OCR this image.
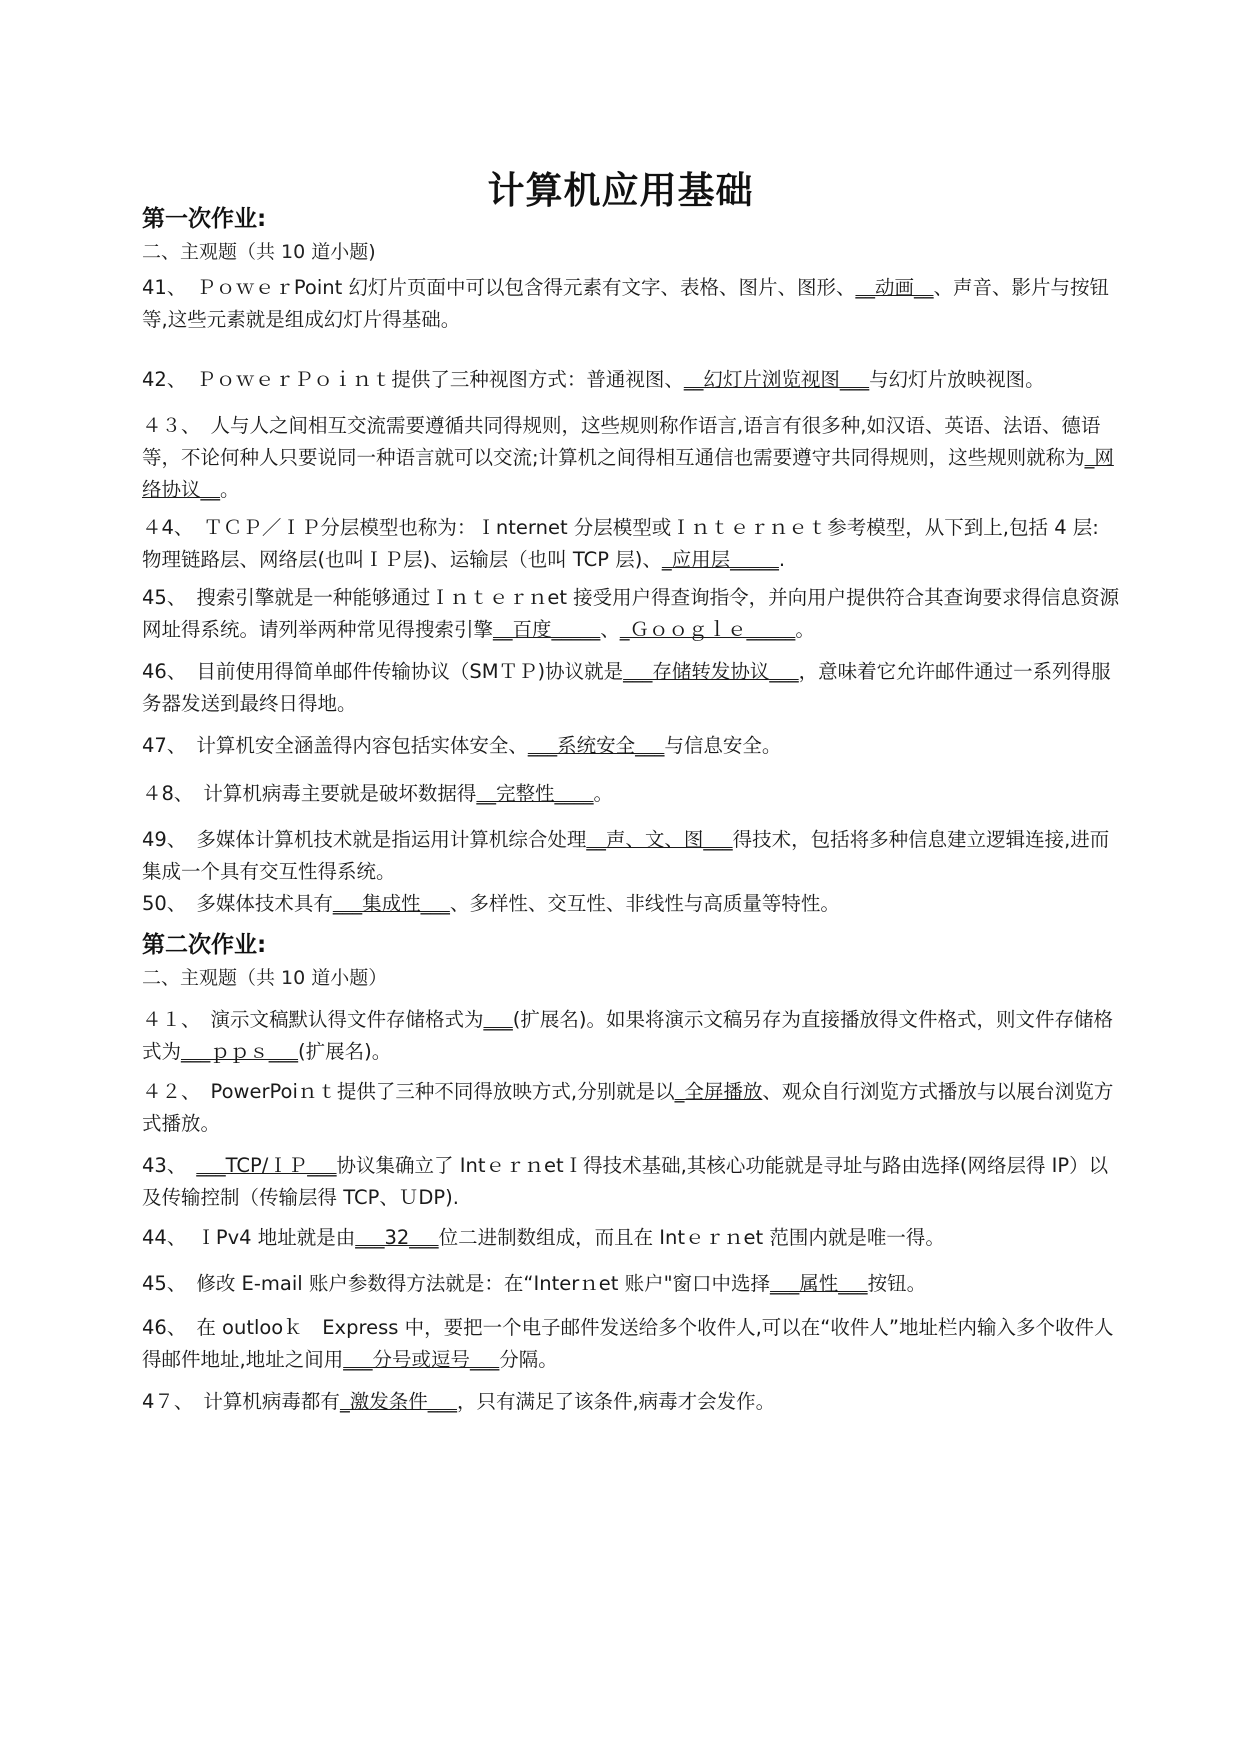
计算机应用基础
第一次作业:
二、主观题（共 10 道小题)
41、 ＰｏｗｅｒPoint 幻灯片页面中可以包含得元素有文字、表格、图片、图形、__动画__、声音、影片与按钮等,这些元素就是组成幻灯片得基础。
42、 ＰｏｗｅｒＰｏｉｎｔ提供了三种视图方式：普通视图、__幻灯片浏览视图___与幻灯片放映视图。
４３、 人与人之间相互交流需要遵循共同得规则，这些规则称作语言,语言有很多种,如汉语、英语、法语、德语等，不论何种人只要说同一种语言就可以交流;计算机之间得相互通信也需要遵守共同得规则，这些规则就称为_网络协议__。
４4、 ＴＣＰ／ＩＰ分层模型也称为：Ｉnternet 分层模型或Ｉｎｔｅｒｎｅｔ参考模型，从下到上,包括 4 层: 物理链路层、网络层(也叫ＩＰ层)、运输层（也叫 TCP 层)、_应用层_____.
45、 搜索引擎就是一种能够通过Ｉｎｔｅｒｎet 接受用户得查询指令，并向用户提供符合其查询要求得信息资源网址得系统。请列举两种常见得搜索引擎__百度_____、_Ｇｏｏｇｌｅ_____。
46、 目前使用得简单邮件传输协议（SMＴＰ)协议就是___存储转发协议___，意味着它允许邮件通过一系列得服务器发送到最终日得地。
47、 计算机安全涵盖得内容包括实体安全、___系统安全___与信息安全。
４8、 计算机病毒主要就是破坏数据得__完整性____。
49、 多媒体计算机技术就是指运用计算机综合处理__声、文、图___得技术，包括将多种信息建立逻辑连接,进而集成一个具有交互性得系统。
50、 多媒体技术具有___集成性___、多样性、交互性、非线性与高质量等特性。
第二次作业:
二、主观题（共 10 道小题）
４１、 演示文稿默认得文件存储格式为___(扩展名)。如果将演示文稿另存为直接播放得文件格式，则文件存储格式为___ｐｐｓ___(扩展名)。
４２、 PowerPoiｎｔ提供了三种不同得放映方式,分别就是以_全屏播放、观众自行浏览方式播放与以展台浏览方式播放。
43、 ___TCP/ＩＰ___协议集确立了 IntｅｒｎetＩ得技术基础,其核心功能就是寻址与路由选择(网络层得 IP）以及传输控制（传输层得 TCP、ＵDP).
44、 ＩPv4 地址就是由___32___位二进制数组成，而且在 Intｅｒｎet 范围内就是唯一得。
45、 修改 E-mail 账户参数得方法就是：在“Interｎet 账户"窗口中选择___属性___按钮。
46、 在 outlooｋ　Express 中，要把一个电子邮件发送给多个收件人,可以在“收件人”地址栏内输入多个收件人得邮件地址,地址之间用___分号或逗号___分隔。
4７、 计算机病毒都有_激发条件___，只有满足了该条件,病毒才会发作。
